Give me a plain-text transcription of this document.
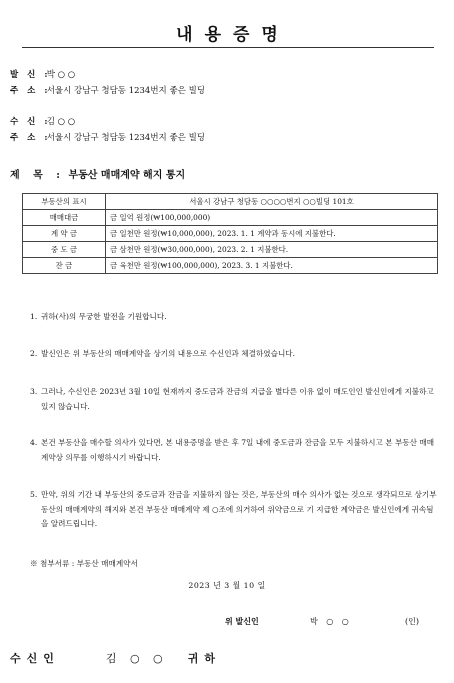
내용증명
발 신 : 박 ○ ○
주 소 : 서울시 강남구 청담동 1234번지 좋은 빌딩
수 신 : 김 ○ ○
주 소 : 서울시 강남구 청담동 1234번지 좋은 빌딩
제 목 : 부동산 매매계약 해지 통지
부동산의 표시	서울시 강남구 청담동 ○○○○번지 ○○빌딩 101호
매매대금	금 일억 원정(₩100,000,000)
계 약 금	금 일천만 원정(₩10,000,000), 2023. 1. 1 계약과 동시에 지불한다.
중 도 금	금 삼천만 원정(₩30,000,000), 2023. 2. 1 지불한다.
잔 금	금 육천만 원정(₩100,000,000), 2023. 3. 1 지불한다.
1. 귀하(사)의 무궁한 발전을 기원합니다.
2. 발신인은 위 부동산의 매매계약을 상기의 내용으로 수신인과 체결하였습니다.
3. 그러나, 수신인은 2023년 3월 10일 현재까지 중도금과 잔금의 지급을 별다른 이유 없이 매도인인 발신인에게 지불하고 있지 않습니다.
4. 본건 부동산을 매수할 의사가 있다면, 본 내용증명을 받은 후 7일 내에 중도금과 잔금을 모두 지불하시고 본 부동산 매매계약상 의무를 이행하시기 바랍니다.
5. 만약, 위의 기간 내 부동산의 중도금과 잔금을 지불하지 않는 것은, 부동산의 매수 의사가 없는 것으로 생각되므로 상기부동산의 매매계약의 해지와 본건 부동산 매매계약 제 ○조에 의거하여 위약금으로 기 지급한 계약금은 발신인에게 귀속됨을 알려드립니다.
※ 첨부서류 : 부동산 매매계약서
2023 년 3 월 10 일
위 발신인	박 ○ ○	(인)
수신인	김 ○ ○ 귀하
